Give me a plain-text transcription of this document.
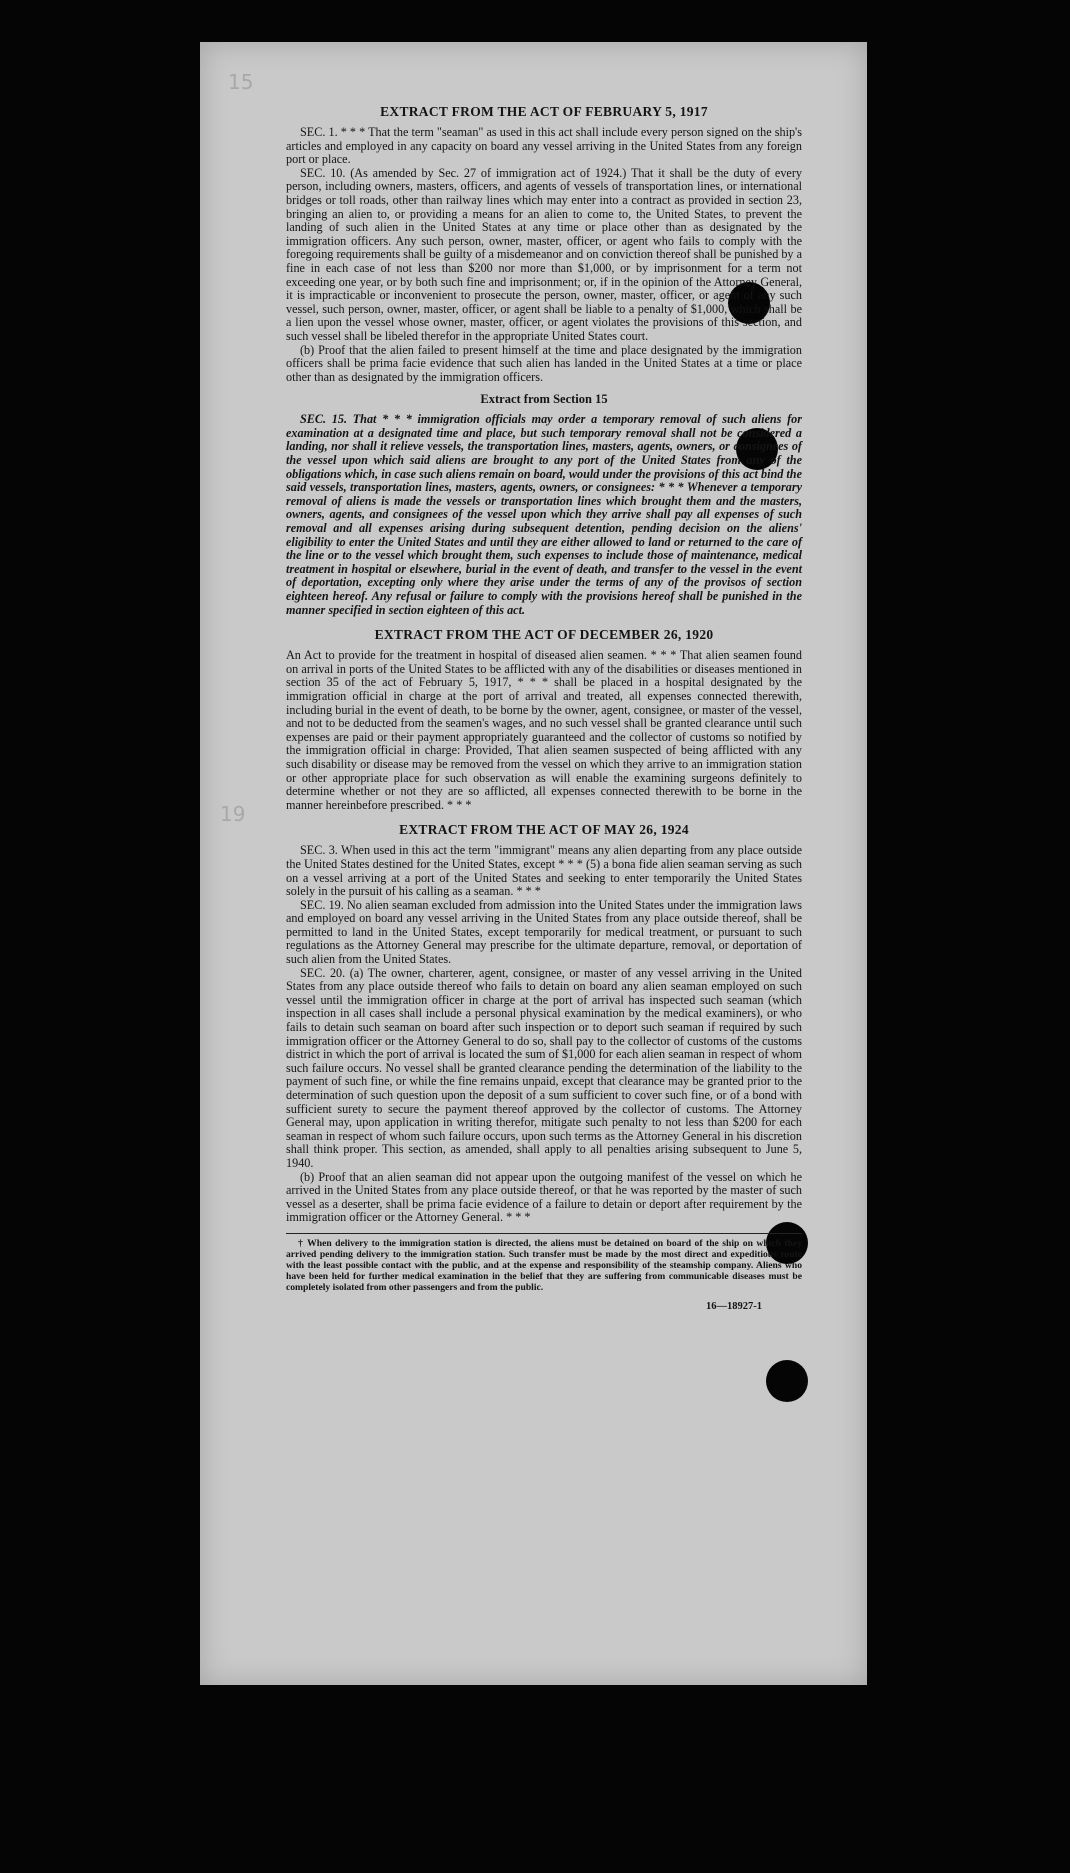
15
19
EXTRACT FROM THE ACT OF FEBRUARY 5, 1917

SEC. 1. * * * That the term "seaman" as used in this act shall include every person signed on the ship's articles and employed in any capacity on board any vessel arriving in the United States from any foreign port or place.

SEC. 10. (As amended by Sec. 27 of immigration act of 1924.) That it shall be the duty of every person, including owners, masters, officers, and agents of vessels of transportation lines, or international bridges or toll roads, other than railway lines which may enter into a contract as provided in section 23, bringing an alien to, or providing a means for an alien to come to, the United States, to prevent the landing of such alien in the United States at any time or place other than as designated by the immigration officers. Any such person, owner, master, officer, or agent who fails to comply with the foregoing requirements shall be guilty of a misdemeanor and on conviction thereof shall be punished by a fine in each case of not less than $200 nor more than $1,000, or by imprisonment for a term not exceeding one year, or by both such fine and imprisonment; or, if in the opinion of the Attorney General, it is impracticable or inconvenient to prosecute the person, owner, master, officer, or agent of any such vessel, such person, owner, master, officer, or agent shall be liable to a penalty of $1,000, which shall be a lien upon the vessel whose owner, master, officer, or agent violates the provisions of this section, and such vessel shall be libeled therefor in the appropriate United States court.

(b) Proof that the alien failed to present himself at the time and place designated by the immigration officers shall be prima facie evidence that such alien has landed in the United States at a time or place other than as designated by the immigration officers.

Extract from Section 15

SEC. 15. That * * * immigration officials may order a temporary removal of such aliens for examination at a designated time and place, but such temporary removal shall not be considered a landing, nor shall it relieve vessels, the transportation lines, masters, agents, owners, or consignees of the vessel upon which said aliens are brought to any port of the United States from any of the obligations which, in case such aliens remain on board, would under the provisions of this act bind the said vessels, transportation lines, masters, agents, owners, or consignees: * * * Whenever a temporary removal of aliens is made the vessels or transportation lines which brought them and the masters, owners, agents, and consignees of the vessel upon which they arrive shall pay all expenses of such removal and all expenses arising during subsequent detention, pending decision on the aliens' eligibility to enter the United States and until they are either allowed to land or returned to the care of the line or to the vessel which brought them, such expenses to include those of maintenance, medical treatment in hospital or elsewhere, burial in the event of death, and transfer to the vessel in the event of deportation, excepting only where they arise under the terms of any of the provisos of section eighteen hereof. Any refusal or failure to comply with the provisions hereof shall be punished in the manner specified in section eighteen of this act.

EXTRACT FROM THE ACT OF DECEMBER 26, 1920

An Act to provide for the treatment in hospital of diseased alien seamen. * * * That alien seamen found on arrival in ports of the United States to be afflicted with any of the disabilities or diseases mentioned in section 35 of the act of February 5, 1917, * * * shall be placed in a hospital designated by the immigration official in charge at the port of arrival and treated, all expenses connected therewith, including burial in the event of death, to be borne by the owner, agent, consignee, or master of the vessel, and not to be deducted from the seamen's wages, and no such vessel shall be granted clearance until such expenses are paid or their payment appropriately guaranteed and the collector of customs so notified by the immigration official in charge: Provided, That alien seamen suspected of being afflicted with any such disability or disease may be removed from the vessel on which they arrive to an immigration station or other appropriate place for such observation as will enable the examining surgeons definitely to determine whether or not they are so afflicted, all expenses connected therewith to be borne in the manner hereinbefore prescribed. * * *

EXTRACT FROM THE ACT OF MAY 26, 1924

SEC. 3. When used in this act the term "immigrant" means any alien departing from any place outside the United States destined for the United States, except * * * (5) a bona fide alien seaman serving as such on a vessel arriving at a port of the United States and seeking to enter temporarily the United States solely in the pursuit of his calling as a seaman. * * *

SEC. 19. No alien seaman excluded from admission into the United States under the immigration laws and employed on board any vessel arriving in the United States from any place outside thereof, shall be permitted to land in the United States, except temporarily for medical treatment, or pursuant to such regulations as the Attorney General may prescribe for the ultimate departure, removal, or deportation of such alien from the United States.

SEC. 20. (a) The owner, charterer, agent, consignee, or master of any vessel arriving in the United States from any place outside thereof who fails to detain on board any alien seaman employed on such vessel until the immigration officer in charge at the port of arrival has inspected such seaman (which inspection in all cases shall include a personal physical examination by the medical examiners), or who fails to detain such seaman on board after such inspection or to deport such seaman if required by such immigration officer or the Attorney General to do so, shall pay to the collector of customs of the customs district in which the port of arrival is located the sum of $1,000 for each alien seaman in respect of whom such failure occurs. No vessel shall be granted clearance pending the determination of the liability to the payment of such fine, or while the fine remains unpaid, except that clearance may be granted prior to the determination of such question upon the deposit of a sum sufficient to cover such fine, or of a bond with sufficient surety to secure the payment thereof approved by the collector of customs. The Attorney General may, upon application in writing therefor, mitigate such penalty to not less than $200 for each seaman in respect of whom such failure occurs, upon such terms as the Attorney General in his discretion shall think proper. This section, as amended, shall apply to all penalties arising subsequent to June 5, 1940.

(b) Proof that an alien seaman did not appear upon the outgoing manifest of the vessel on which he arrived in the United States from any place outside thereof, or that he was reported by the master of such vessel as a deserter, shall be prima facie evidence of a failure to detain or deport after requirement by the immigration officer or the Attorney General. * * *

† When delivery to the immigration station is directed, the aliens must be detained on board of the ship on which they arrived pending delivery to the immigration station. Such transfer must be made by the most direct and expeditious route with the least possible contact with the public, and at the expense and responsibility of the steamship company. Aliens who have been held for further medical examination in the belief that they are suffering from communicable diseases must be completely isolated from other passengers and from the public.

16—18927-1
